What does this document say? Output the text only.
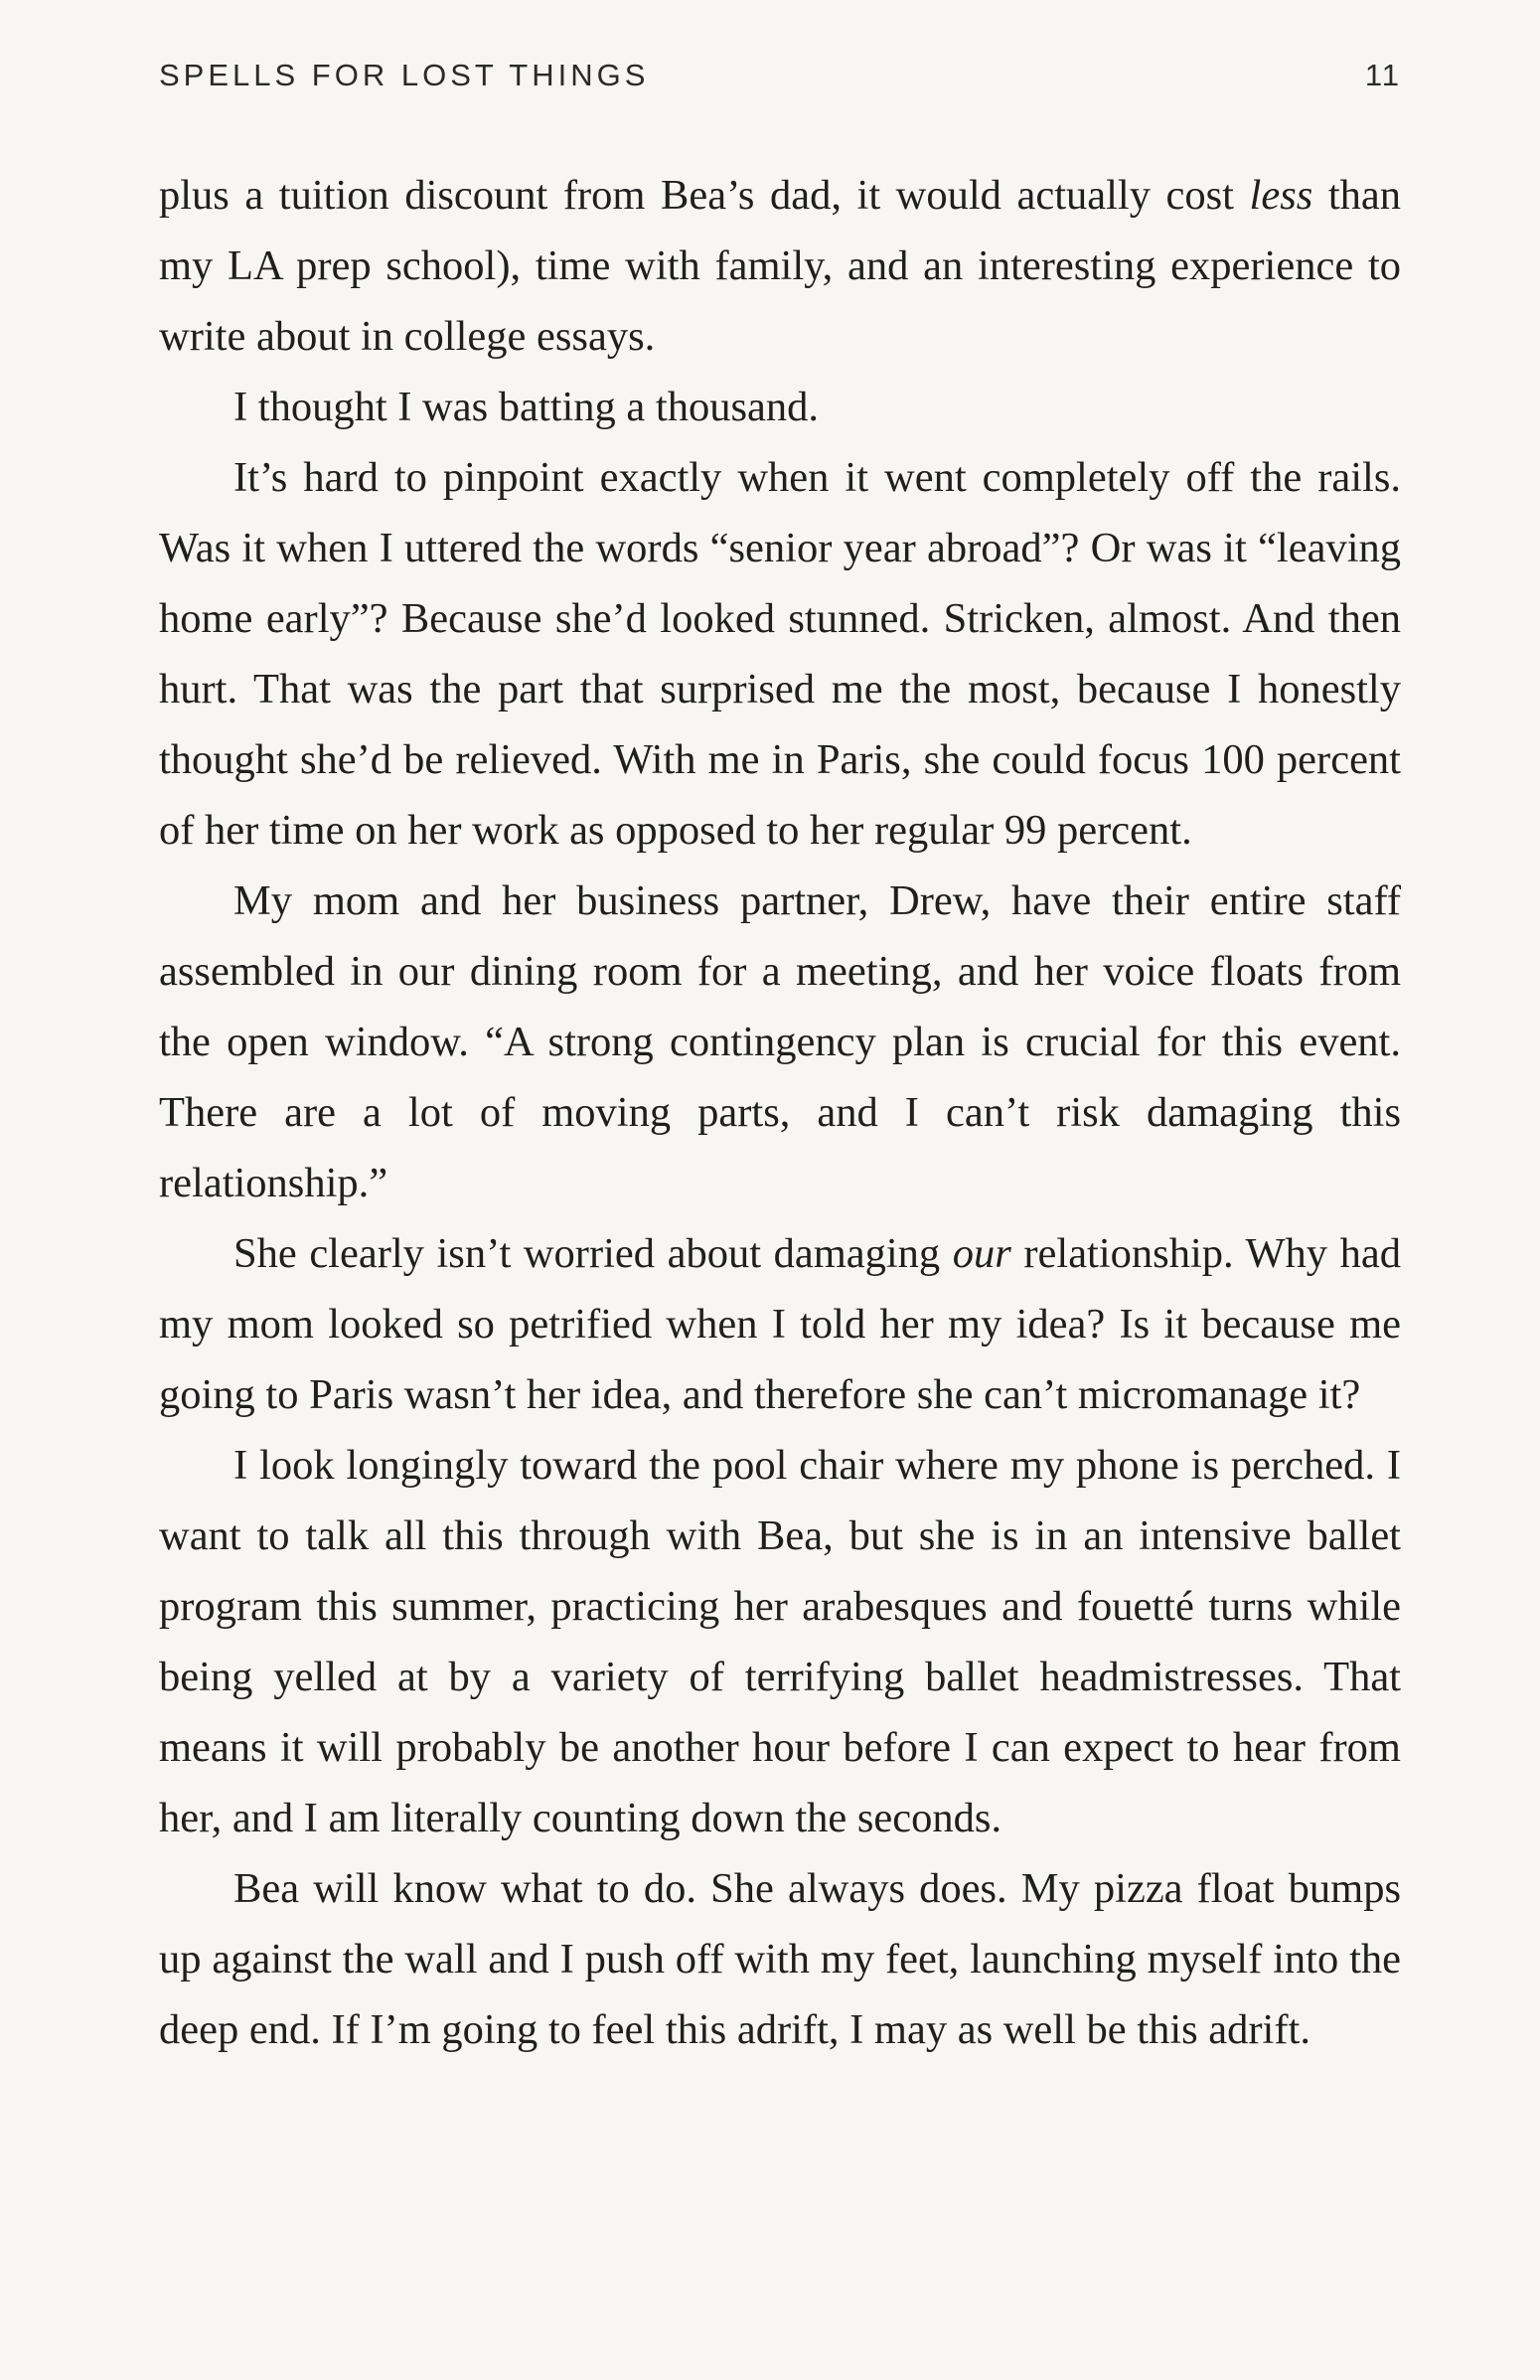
SPELLS FOR LOST THINGS	11

plus a tuition discount from Bea’s dad, it would actually cost less than my LA prep school), time with family, and an interesting experience to write about in college essays.

I thought I was batting a thousand.

It’s hard to pinpoint exactly when it went completely off the rails. Was it when I uttered the words “senior year abroad”? Or was it “leaving home early”? Because she’d looked stunned. Stricken, almost. And then hurt. That was the part that surprised me the most, because I honestly thought she’d be relieved. With me in Paris, she could focus 100 percent of her time on her work as opposed to her regular 99 percent.

My mom and her business partner, Drew, have their entire staff assembled in our dining room for a meeting, and her voice floats from the open window. “A strong contingency plan is crucial for this event. There are a lot of moving parts, and I can’t risk damaging this relationship.”

She clearly isn’t worried about damaging our relationship. Why had my mom looked so petrified when I told her my idea? Is it because me going to Paris wasn’t her idea, and therefore she can’t micromanage it?

I look longingly toward the pool chair where my phone is perched. I want to talk all this through with Bea, but she is in an intensive ballet program this summer, practicing her arabesques and fouetté turns while being yelled at by a variety of terrifying ballet headmistresses. That means it will probably be another hour before I can expect to hear from her, and I am literally counting down the seconds.

Bea will know what to do. She always does. My pizza float bumps up against the wall and I push off with my feet, launching myself into the deep end. If I’m going to feel this adrift, I may as well be this adrift.
